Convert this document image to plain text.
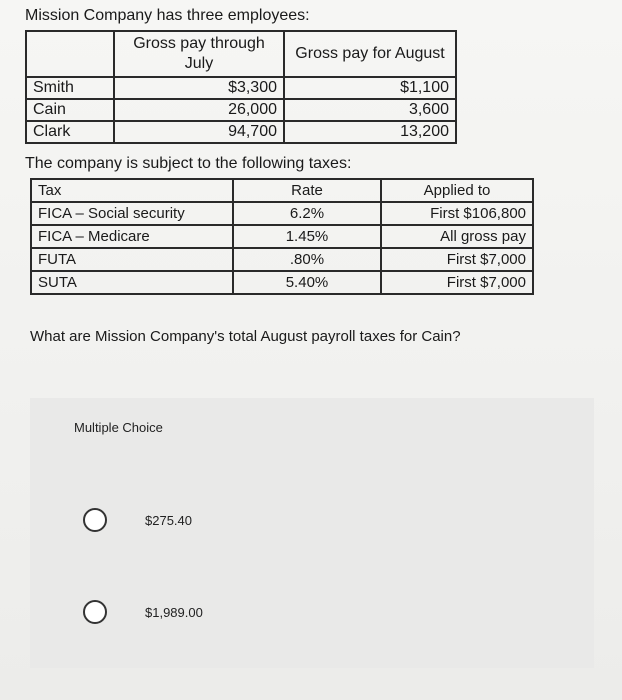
Mission Company has three employees:

	Gross pay through July	Gross pay for August
Smith	$3,300	$1,100
Cain	26,000	3,600
Clark	94,700	13,200

The company is subject to the following taxes:

Tax	Rate	Applied to
FICA – Social security	6.2%	First $106,800
FICA – Medicare	1.45%	All gross pay
FUTA	.80%	First $7,000
SUTA	5.40%	First $7,000

What are Mission Company's total August payroll taxes for Cain?

Multiple Choice
$275.40
$1,989.00
